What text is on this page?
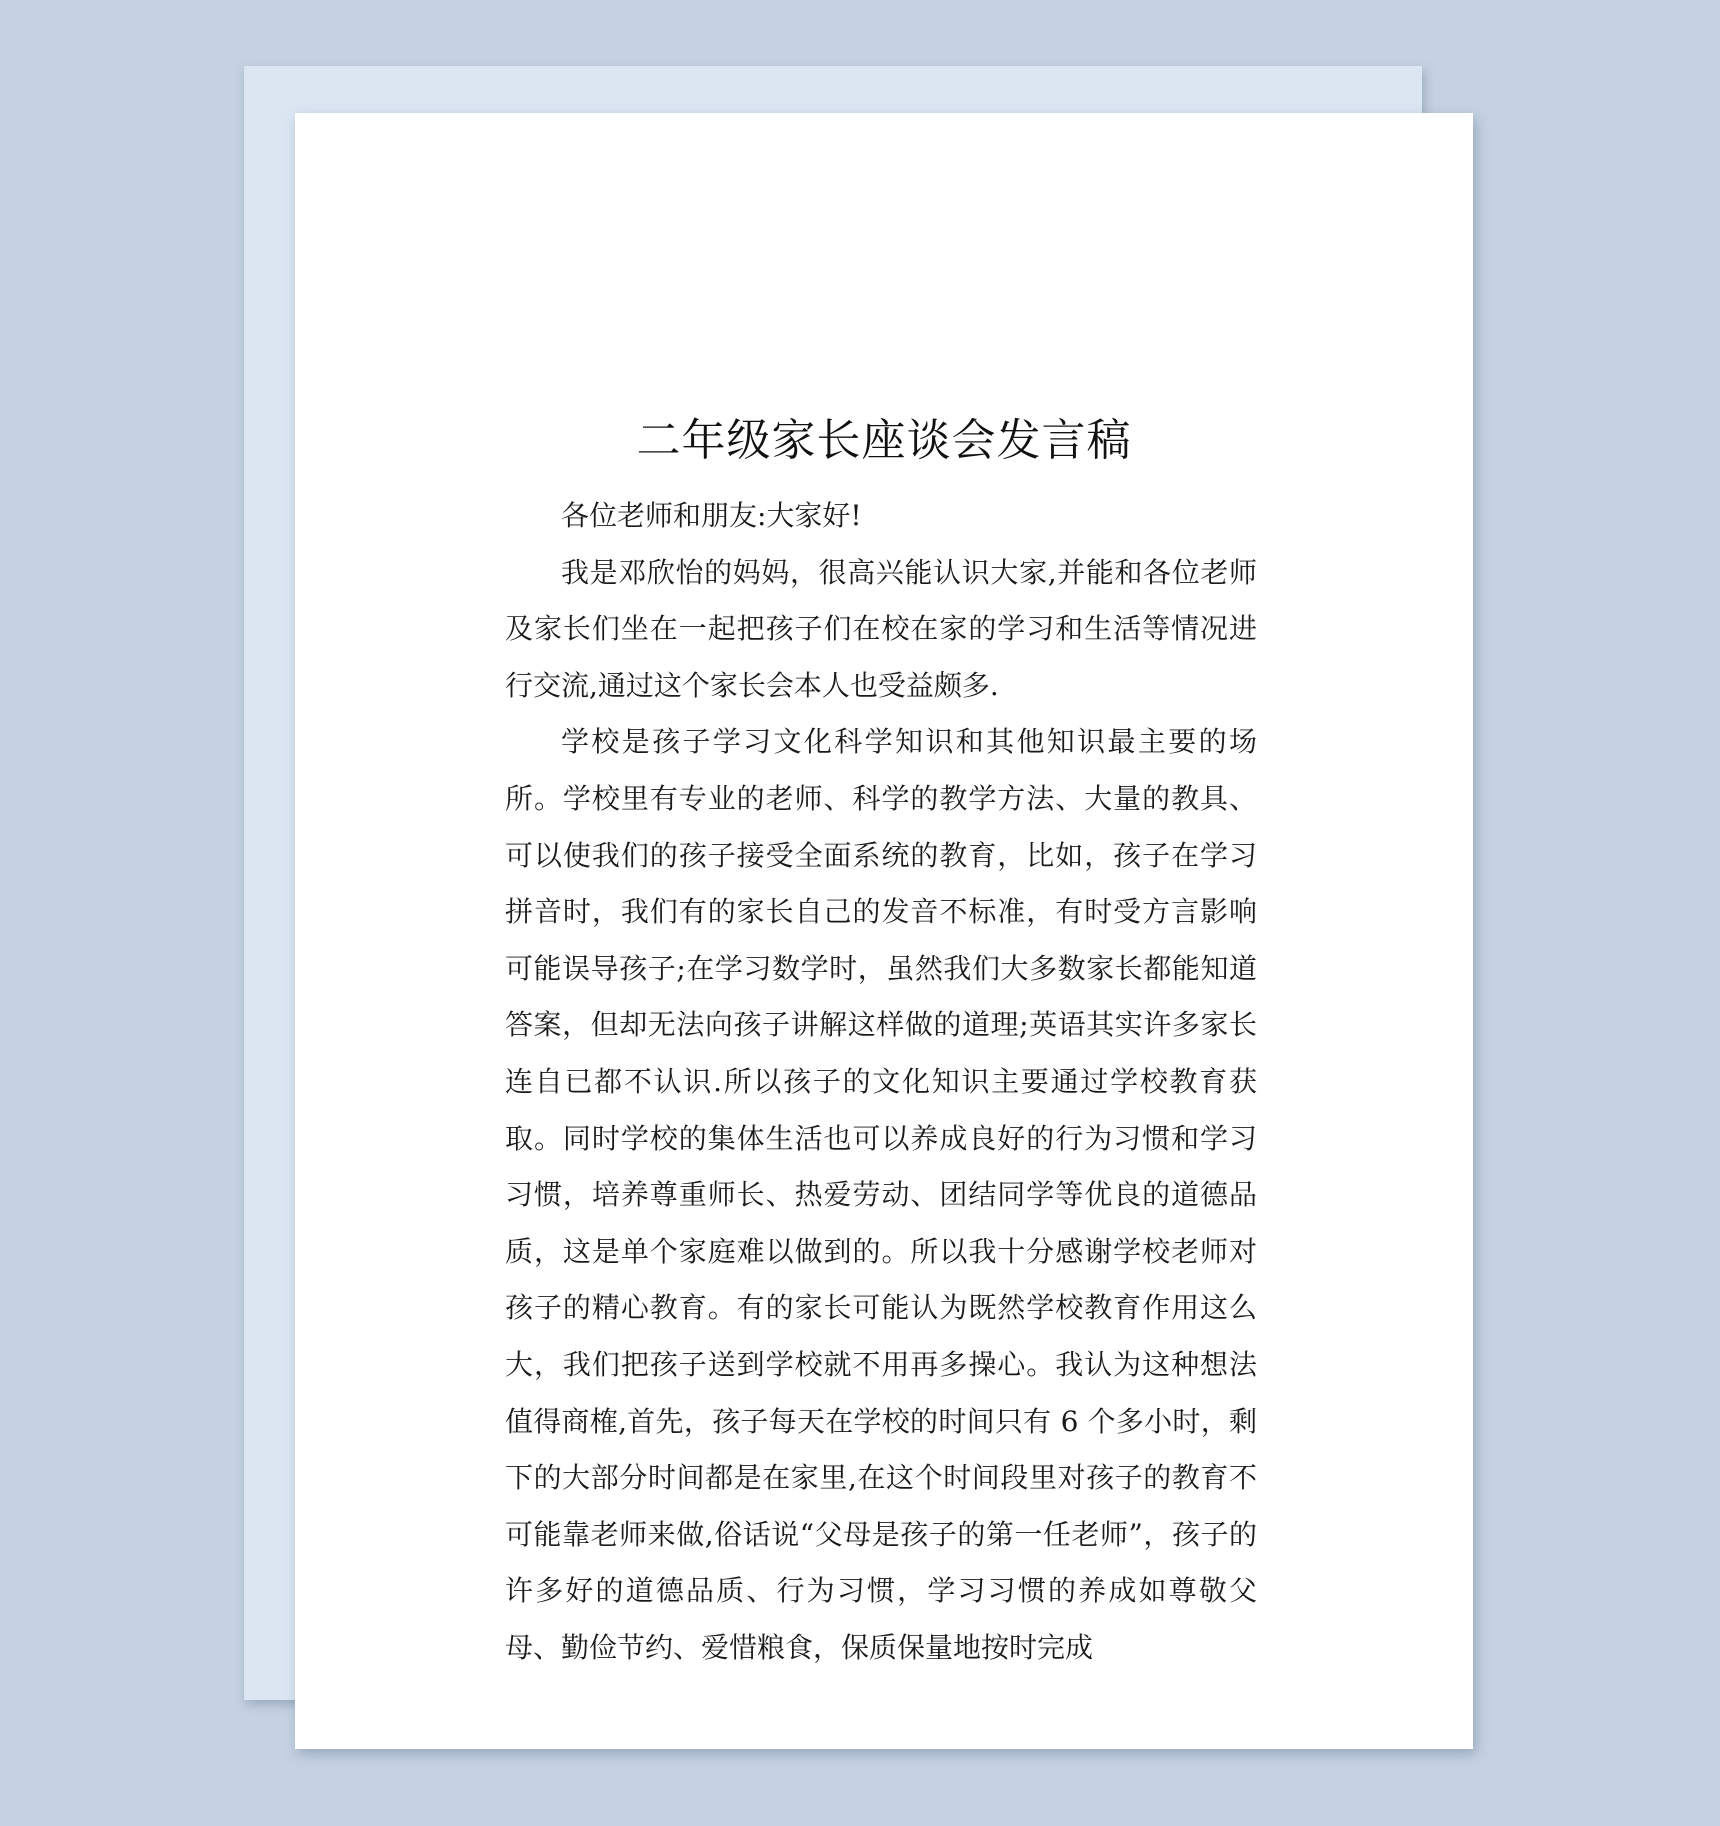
二年级家长座谈会发言稿

各位老师和朋友:大家好!

我是邓欣怡的妈妈，很高兴能认识大家,并能和各位老师及家长们坐在一起把孩子们在校在家的学习和生活等情况进行交流,通过这个家长会本人也受益颇多.

学校是孩子学习文化科学知识和其他知识最主要的场所。学校里有专业的老师、科学的教学方法、大量的教具、可以使我们的孩子接受全面系统的教育，比如，孩子在学习拼音时，我们有的家长自己的发音不标准，有时受方言影响可能误导孩子;在学习数学时，虽然我们大多数家长都能知道答案，但却无法向孩子讲解这样做的道理;英语其实许多家长连自已都不认识.所以孩子的文化知识主要通过学校教育获取。同时学校的集体生活也可以养成良好的行为习惯和学习习惯，培养尊重师长、热爱劳动、团结同学等优良的道德品质，这是单个家庭难以做到的。所以我十分感谢学校老师对孩子的精心教育。有的家长可能认为既然学校教育作用这么大，我们把孩子送到学校就不用再多操心。我认为这种想法值得商榷,首先，孩子每天在学校的时间只有 6 个多小时，剩下的大部分时间都是在家里,在这个时间段里对孩子的教育不可能靠老师来做,俗话说“父母是孩子的第一任老师”，孩子的许多好的道德品质、行为习惯，学习习惯的养成如尊敬父母、勤俭节约、爱惜粮食，保质保量地按时完成
